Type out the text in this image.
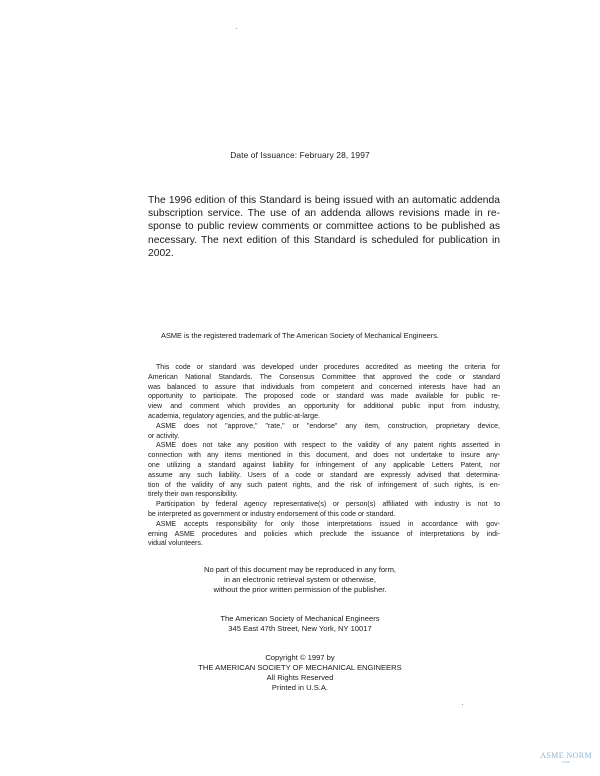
Date of Issuance: February 28, 1997
The 1996 edition of this Standard is being issued with an automatic addenda
subscription service. The use of an addenda allows revisions made in re-
sponse to public review comments or committee actions to be published as
necessary. The next edition of this Standard is scheduled for publication in
2002.
ASME is the registered trademark of The American Society of Mechanical Engineers.
This code or standard was developed under procedures accredited as meeting the criteria for
American National Standards. The Consensus Committee that approved the code or standard
was balanced to assure that individuals from competent and concerned interests have had an
opportunity to participate. The proposed code or standard was made available for public re-
view and comment which provides an opportunity for additional public input from industry,
academia, regulatory agencies, and the public-at-large.
ASME does not "approve," "rate," or "endorse" any item, construction, proprietary device,
or activity.
ASME does not take any position with respect to the validity of any patent rights asserted in
connection with any items mentioned in this document, and does not undertake to insure any-
one utilizing a standard against liability for infringement of any applicable Letters Patent, nor
assume any such liability. Users of a code or standard are expressly advised that determina-
tion of the validity of any such patent rights, and the risk of infringement of such rights, is en-
tirely their own responsibility.
Participation by federal agency representative(s) or person(s) affiliated with industry is not to
be interpreted as government or industry endorsement of this code or standard.
ASME accepts responsibility for only those interpretations issued in accordance with gov-
erning ASME procedures and policies which preclude the issuance of interpretations by indi-
vidual volunteers.
No part of this document may be reproduced in any form,
in an electronic retrieval system or otherwise,
without the prior written permission of the publisher.
The American Society of Mechanical Engineers
345 East 47th Street, New York, NY 10017
Copyright © 1997 by
THE AMERICAN SOCIETY OF MECHANICAL ENGINEERS
All Rights Reserved
Printed in U.S.A.
ASME NORM
ASME
